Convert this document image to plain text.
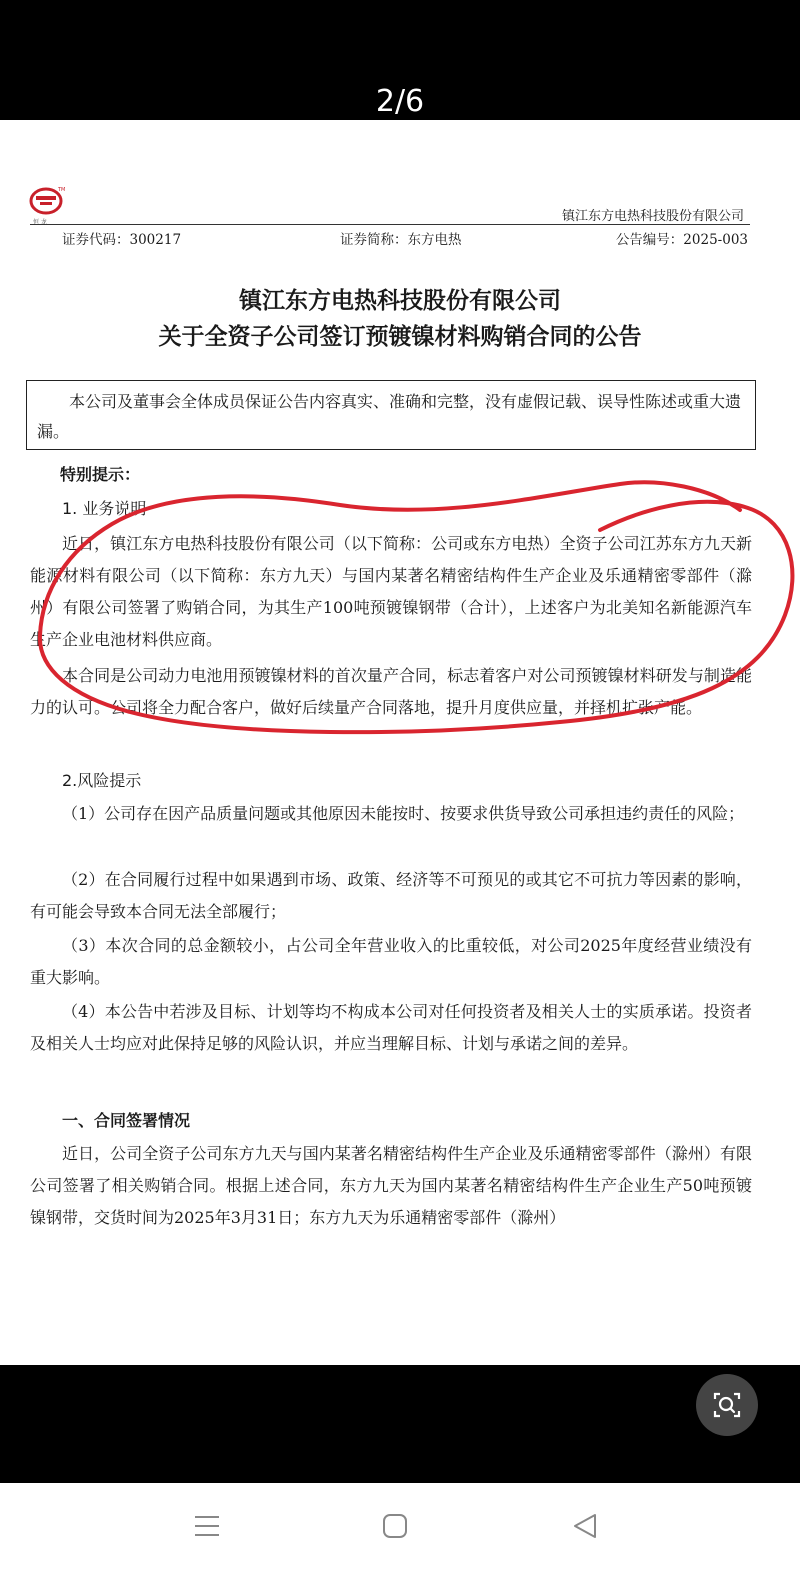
2/6
TM
恒 龙	镇江东方电热科技股份有限公司
证券代码：300217	证券简称：东方电热	公告编号：2025-003
镇江东方电热科技股份有限公司
关于全资子公司签订预镀镍材料购销合同的公告
本公司及董事会全体成员保证公告内容真实、准确和完整，没有虚假记载、误导性陈述或重大遗漏。
特别提示：
1. 业务说明

近日，镇江东方电热科技股份有限公司（以下简称：公司或东方电热）全资子公司江苏东方九天新能源材料有限公司（以下简称：东方九天）与国内某著名精密结构件生产企业及乐通精密零部件（滁州）有限公司签署了购销合同，为其生产100吨预镀镍钢带（合计），上述客户为北美知名新能源汽车生产企业电池材料供应商。

本合同是公司动力电池用预镀镍材料的首次量产合同，标志着客户对公司预镀镍材料研发与制造能力的认可。公司将全力配合客户，做好后续量产合同落地，提升月度供应量，并择机扩张产能。

2.风险提示

（1）公司存在因产品质量问题或其他原因未能按时、按要求供货导致公司承担违约责任的风险；

（2）在合同履行过程中如果遇到市场、政策、经济等不可预见的或其它不可抗力等因素的影响，有可能会导致本合同无法全部履行；

（3）本次合同的总金额较小，占公司全年营业收入的比重较低，对公司2025年度经营业绩没有重大影响。

（4）本公告中若涉及目标、计划等均不构成本公司对任何投资者及相关人士的实质承诺。投资者及相关人士均应对此保持足够的风险认识，并应当理解目标、计划与承诺之间的差异。

一、合同签署情况

近日，公司全资子公司东方九天与国内某著名精密结构件生产企业及乐通精密零部件（滁州）有限公司签署了相关购销合同。根据上述合同，东方九天为国内某著名精密结构件生产企业生产50吨预镀镍钢带，交货时间为2025年3月31日；东方九天为乐通精密零部件（滁州）
